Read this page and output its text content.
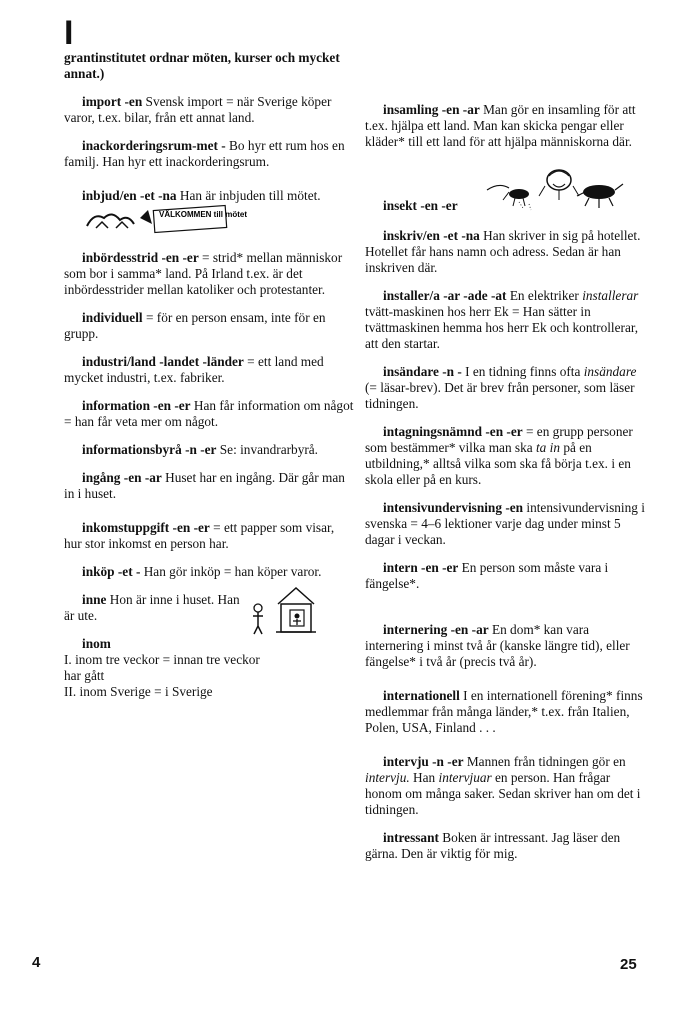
I

grantinstitutet ordnar möten, kurser och mycket annat.)

import -en Svensk import = när Sverige köper varor, t.ex. bilar, från ett annat land.

inackorderingsrum-met - Bo hyr ett rum hos en familj. Han hyr ett inackorderingsrum.

inbjud/en -et -na Han är inbjuden till mötet.
VÄLKOMMEN till mötet

inbördesstrid -en -er = strid* mellan människor som bor i samma* land. På Irland t.ex. är det inbördesstrider mellan katoliker och protestanter.

individuell = för en person ensam, inte för en grupp.

industri/land -landet -länder = ett land med mycket industri, t.ex. fabriker.

information -en -er Han får information om något = han får veta mer om något.

informationsbyrå -n -er Se: invandrarbyrå.

ingång -en -ar Huset har en ingång. Där går man in i huset.

inkomstuppgift -en -er = ett papper som visar, hur stor inkomst en person har.

inköp -et - Han gör inköp = han köper varor.

inne Hon är inne i huset. Han är ute.

inom

I. inom tre veckor = innan tre veckor

har gått

II. inom Sverige = i Sverige

insamling -en -ar Man gör en insamling för att t.ex. hjälpa ett land. Man kan skicka pengar eller kläder* till ett land för att hjälpa människorna där.

insekt -en -er

inskriv/en -et -na Han skriver in sig på hotellet. Hotellet får hans namn och adress. Sedan är han inskriven där.

installer/a -ar -ade -at En elektriker installerar tvätt-maskinen hos herr Ek = Han sätter in tvättmaskinen hemma hos herr Ek och kontrollerar, att den startar.

insändare -n - I en tidning finns ofta insändare (= läsar-brev). Det är brev från personer, som läser tidningen.

intagningsnämnd -en -er = en grupp personer som bestämmer* vilka man ska ta in på en utbildning,* alltså vilka som ska få börja t.ex. i en skola eller på en kurs.

intensivundervisning -en intensivundervisning i svenska = 4–6 lektioner varje dag under minst 5 dagar i veckan.

intern -en -er En person som måste vara i fängelse*.

internering -en -ar En dom* kan vara internering i minst två år (kanske längre tid), eller fängelse* i två år (precis två år).

internationell I en internationell förening* finns medlemmar från många länder,* t.ex. från Italien, Polen, USA, Finland . . .

intervju -n -er Mannen från tidningen gör en intervju. Han intervjuar en person. Han frågar honom om många saker. Sedan skriver han om det i tidningen.

intressant Boken är intressant. Jag läser den gärna. Den är viktig för mig.

4	25
